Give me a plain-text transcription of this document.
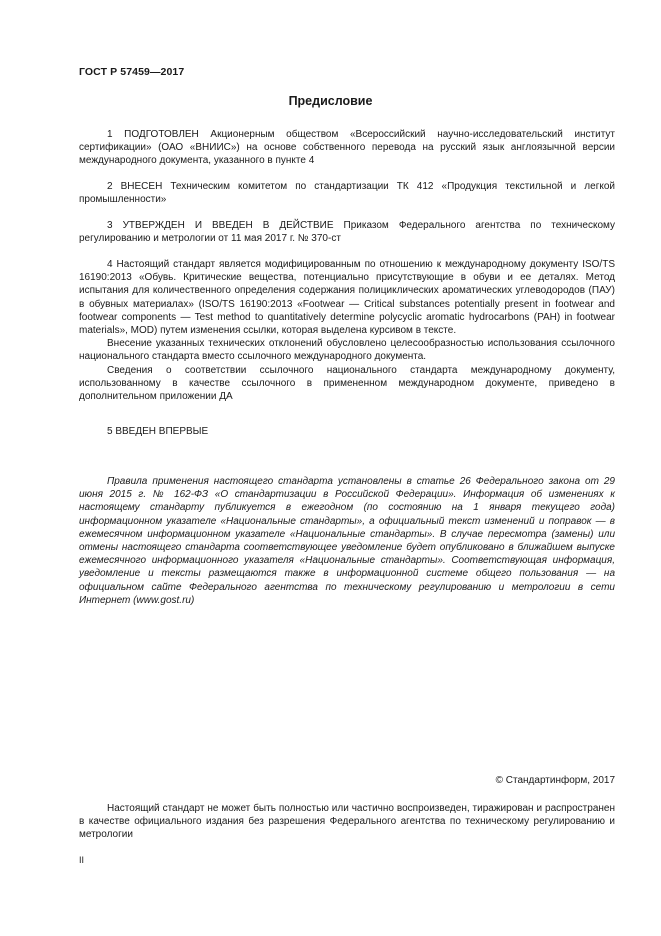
ГОСТ Р 57459—2017
Предисловие

1 ПОДГОТОВЛЕН Акционерным обществом «Всероссийский научно-исследовательский институт сертификации» (ОАО «ВНИИС») на основе собственного перевода на русский язык англоязычной версии международного документа, указанного в пункте 4

2 ВНЕСЕН Техническим комитетом по стандартизации ТК 412 «Продукция текстильной и легкой промышленности»

3 УТВЕРЖДЕН И ВВЕДЕН В ДЕЙСТВИЕ Приказом Федерального агентства по техническому регулированию и метрологии от 11 мая 2017 г. № 370-ст

4 Настоящий стандарт является модифицированным по отношению к международному документу ISO/TS 16190:2013 «Обувь. Критические вещества, потенциально присутствующие в обуви и ее деталях. Метод испытания для количественного определения содержания полициклических ароматических углеводородов (ПАУ) в обувных материалах» (ISO/TS 16190:2013 «Footwear — Critical substances potentially present in footwear and footwear components — Test method to quantitatively determine polycyclic aromatic hydrocarbons (PAH) in footwear materials», MOD) путем изменения ссылки, которая выделена курсивом в тексте.

Внесение указанных технических отклонений обусловлено целесообразностью использования ссылочного национального стандарта вместо ссылочного международного документа.

Сведения о соответствии ссылочного национального стандарта международному документу, использованному в качестве ссылочного в примененном международном документе, приведено в дополнительном приложении ДА

5 ВВЕДЕН ВПЕРВЫЕ

Правила применения настоящего стандарта установлены в статье 26 Федерального закона от 29 июня 2015 г. № 162-ФЗ «О стандартизации в Российской Федерации». Информация об изменениях к настоящему стандарту публикуется в ежегодном (по состоянию на 1 января текущего года) информационном указателе «Национальные стандарты», а официальный текст изменений и поправок — в ежемесячном информационном указателе «Национальные стандарты». В случае пересмотра (замены) или отмены настоящего стандарта соответствующее уведомление будет опубликовано в ближайшем выпуске ежемесячного информационного указателя «Национальные стандарты». Соответствующая информация, уведомление и тексты размещаются также в информационной системе общего пользования — на официальном сайте Федерального агентства по техническому регулированию и метрологии в сети Интернет (www.gost.ru)

© Стандартинформ, 2017

Настоящий стандарт не может быть полностью или частично воспроизведен, тиражирован и распространен в качестве официального издания без разрешения Федерального агентства по техническому регулированию и метрологии

II
